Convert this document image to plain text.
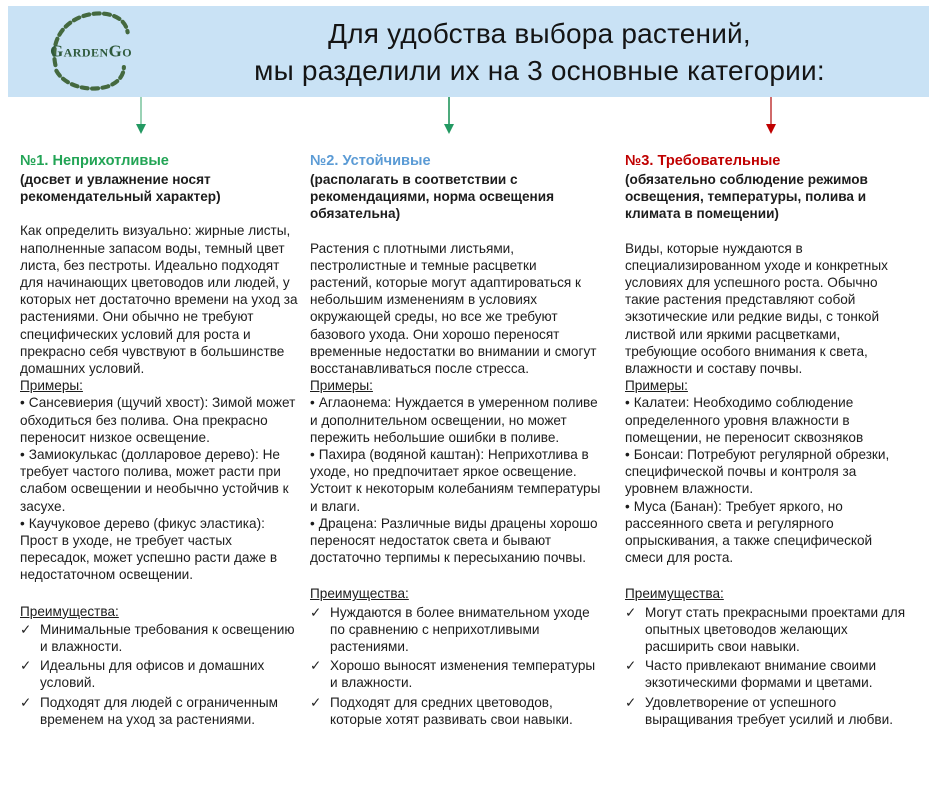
GardenGo
Для удобства выбора растений,
мы разделили их на 3 основные категории:

№1. Неприхотливые

(досвет и увлажнение носят рекомендательный характер)

Как определить визуально: жирные листы, наполненные запасом воды, темный цвет листа, без пестроты. Идеально подходят для начинающих цветоводов или людей, у которых нет достаточно времени на уход за растениями. Они обычно не требуют специфических условий для роста и прекрасно себя чувствуют в большинстве домашних условий.

Примеры:

• Сансевиерия (щучий хвост): Зимой может обходиться без полива. Она прекрасно переносит низкое освещение.

• Замиокулькас (долларовое дерево): Не требует частого полива, может расти при слабом освещении и необычно устойчив к засухе.

• Каучуковое дерево (фикус эластика): Прост в уходе, не требует частых пересадок, может успешно расти даже в недостаточном освещении.

Преимущества:

✓ Минимальные требования к освещению и влажности.
✓ Идеальны для офисов и домашних условий.
✓ Подходят для людей с ограниченным временем на уход за растениями.

№2. Устойчивые

(располагать в соответствии с рекомендациями, норма освещения обязательна)

Растения с плотными листьями, пестролистные и темные расцветки растений, которые могут адаптироваться к небольшим изменениям в условиях окружающей среды, но все же требуют базового ухода. Они хорошо переносят временные недостатки во внимании и смогут восстанавливаться после стресса.

Примеры:

• Аглаонема: Нуждается в умеренном поливе и дополнительном освещении, но может пережить небольшие ошибки в поливе.

• Пахира (водяной каштан): Неприхотлива в уходе, но предпочитает яркое освещение. Устоит к некоторым колебаниям температуры и влаги.

• Драцена: Различные виды драцены хорошо переносят недостаток света и бывают достаточно терпимы к пересыханию почвы.

Преимущества:

✓ Нуждаются в более внимательном уходе по сравнению с неприхотливыми растениями.
✓ Хорошо выносят изменения температуры и влажности.
✓ Подходят для средних цветоводов, которые хотят развивать свои навыки.

№3. Требовательные

(обязательно соблюдение режимов освещения, температуры, полива и климата в помещении)

Виды, которые нуждаются в специализированном уходе и конкретных условиях для успешного роста. Обычно такие растения представляют собой экзотические или редкие виды, с тонкой листвой или яркими расцветками, требующие особого внимания к света, влажности и составу почвы.

Примеры:

• Калатеи: Необходимо соблюдение определенного уровня влажности в помещении, не переносит сквозняков

• Бонсаи: Потребуют регулярной обрезки, специфической почвы и контроля за уровнем влажности.

• Муса (Банан): Требует яркого, но рассеянного света и регулярного опрыскивания, а также специфической смеси для роста.

Преимущества:

✓ Могут стать прекрасными проектами для опытных цветоводов желающих расширить свои навыки.
✓ Часто привлекают внимание своими экзотическими формами и цветами.
✓ Удовлетворение от успешного выращивания требует усилий и любви.
